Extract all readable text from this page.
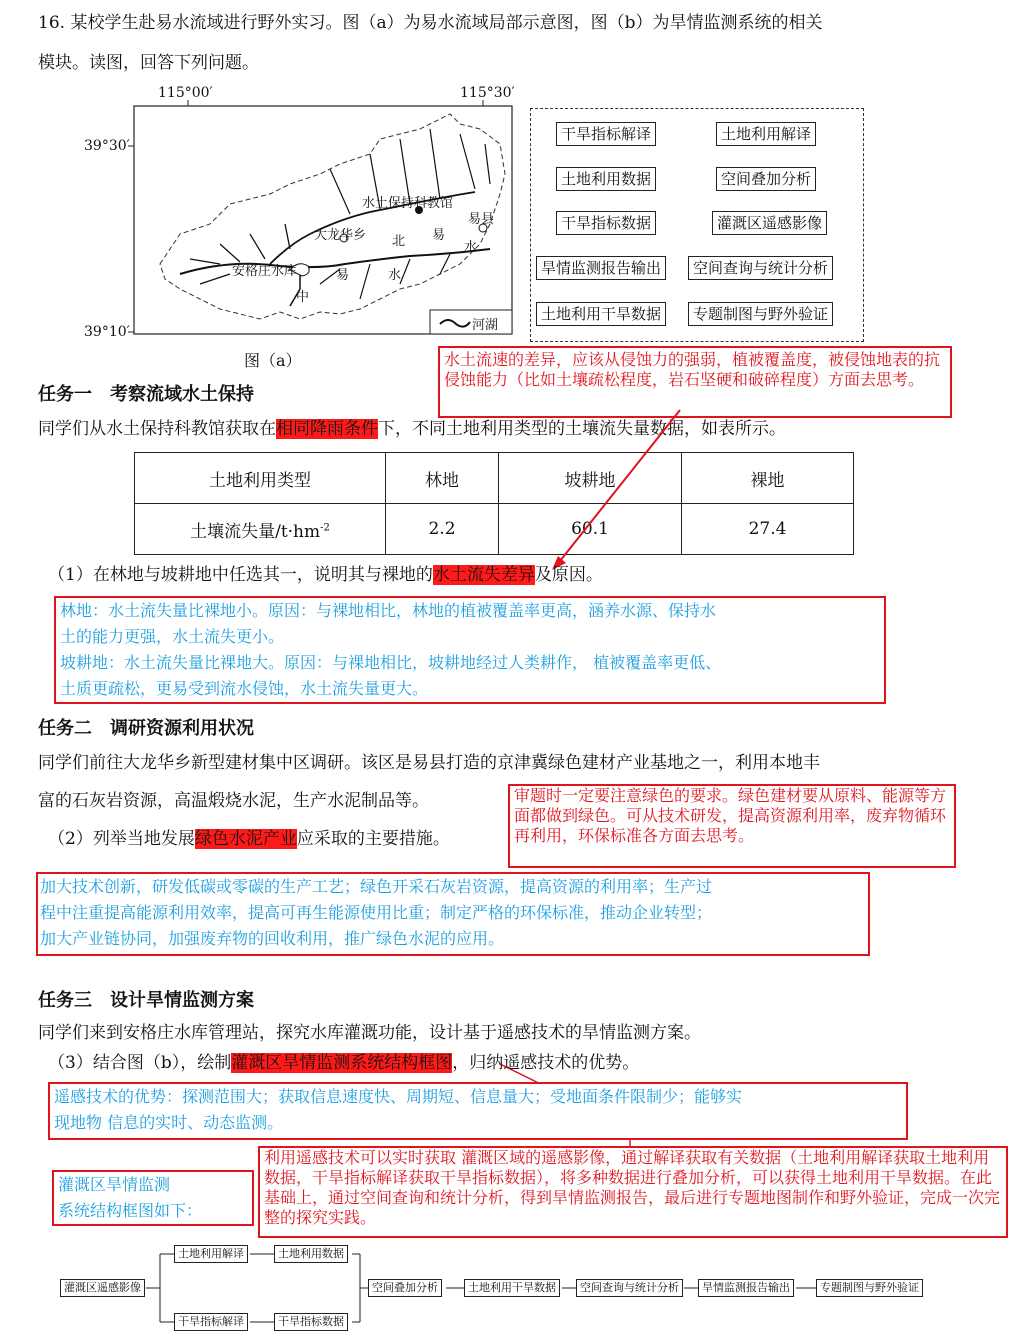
16. 某校学生赴易水流域进行野外实习。图（a）为易水流域局部示意图，图（b）为旱情监测系统的相关
模块。读图，回答下列问题。
115°00′	115°30′
39°30′
39°10′
水土保持科教馆
易县
大龙华乡 北 易
水
安格庄水库
中
易	水
河湖
图（a）
干旱指标解译	土地利用解译
土地利用数据	空间叠加分析
干旱指标数据	灌溉区遥感影像
旱情监测报告输出	空间查询与统计分析
土地利用干旱数据	专题制图与野外验证
水土流速的差异，应该从侵蚀力的强弱，植被覆盖度，被侵蚀地表的抗侵蚀能力（比如土壤疏松程度，岩石坚硬和破碎程度）方面去思考。
任务一　考察流域水土保持
同学们从水土保持科教馆获取在相同降雨条件下，不同土地利用类型的土壤流失量数据，如表所示。
土地利用类型	林地	坡耕地	裸地
土壤流失量$/t\cdot hm^{-2}$	2.2	60.1	27.4
（1）在林地与坡耕地中任选其一，说明其与裸地的水土流失差异及原因。
林地：水土流失量比裸地小。原因：与裸地相比，林地的植被覆盖率更高，涵养水源、保持水
土的能力更强，水土流失更小。
坡耕地：水土流失量比裸地大。原因：与裸地相比，坡耕地经过人类耕作， 植被覆盖率更低、
土质更疏松，更易受到流水侵蚀，水土流失量更大。
任务二　调研资源利用状况
同学们前往大龙华乡新型建材集中区调研。该区是易县打造的京津冀绿色建材产业基地之一，利用本地丰
富的石灰岩资源，高温煅烧水泥，生产水泥制品等。
（2）列举当地发展绿色水泥产业应采取的主要措施。
审题时一定要注意绿色的要求。绿色建材要从原料、能源等方面都做到绿色。可从技术研发，提高资源利用率，废弃物循环再利用，环保标准各方面去思考。
加大技术创新，研发低碳或零碳的生产工艺；绿色开采石灰岩资源，提高资源的利用率；生产过
程中注重提高能源利用效率，提高可再生能源使用比重；制定严格的环保标准，推动企业转型；
加大产业链协同，加强废弃物的回收利用，推广绿色水泥的应用。
任务三　设计旱情监测方案
同学们来到安格庄水库管理站，探究水库灌溉功能，设计基于遥感技术的旱情监测方案。
（3）结合图（b），绘制灌溉区旱情监测系统结构框图，归纳遥感技术的优势。
遥感技术的优势：探测范围大；获取信息速度快、周期短、信息量大；受地面条件限制少；能够实
现地物 信息的实时、动态监测。
灌溉区旱情监测
系统结构框图如下：
利用遥感技术可以实时获取 灌溉区域的遥感影像，通过解译获取有关数据（土地利用解译获取土地利用数据，干旱指标解译获取干旱指标数据），将多种数据进行叠加分析，可以获得土地利用干旱数据。在此基础上，通过空间查询和统计分析，得到旱情监测报告，最后进行专题地图制作和野外验证，完成一次完整的探究实践。
灌溉区遥感影像
土地利用解译	土地利用数据
干旱指标解译	干旱指标数据
空间叠加分析	土地利用干旱数据	空间查询与统计分析	旱情监测报告输出	专题制图与野外验证
